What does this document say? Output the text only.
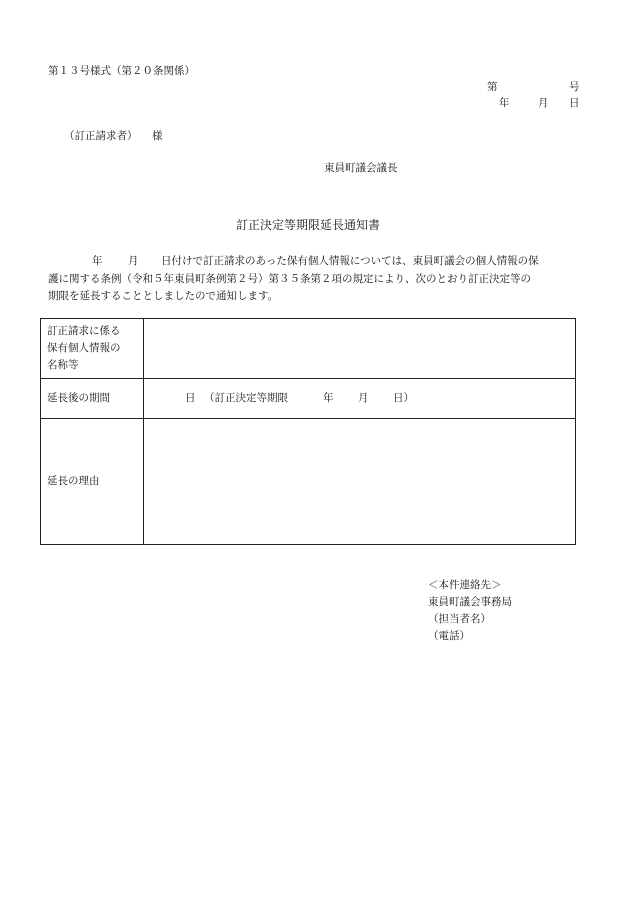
第１３号様式（第２０条関係）
第	号
年	月 日
（訂正請求者） 様
東員町議会議長
訂正決定等期限延長通知書
年 月 日付けで訂正請求のあった保有個人情報については、東員町議会の個人情報の保
護に関する条例（令和５年東員町条例第２号）第３５条第２項の規定により、次のとおり訂正決定等の
期限を延長することとしましたので通知します。
訂正請求に係る
保有個人情報の
名称等
延長後の期間	日 （訂正決定等期限	年 月 日）
延長の理由
＜本件連絡先＞
東員町議会事務局
（担当者名）
（電話）
